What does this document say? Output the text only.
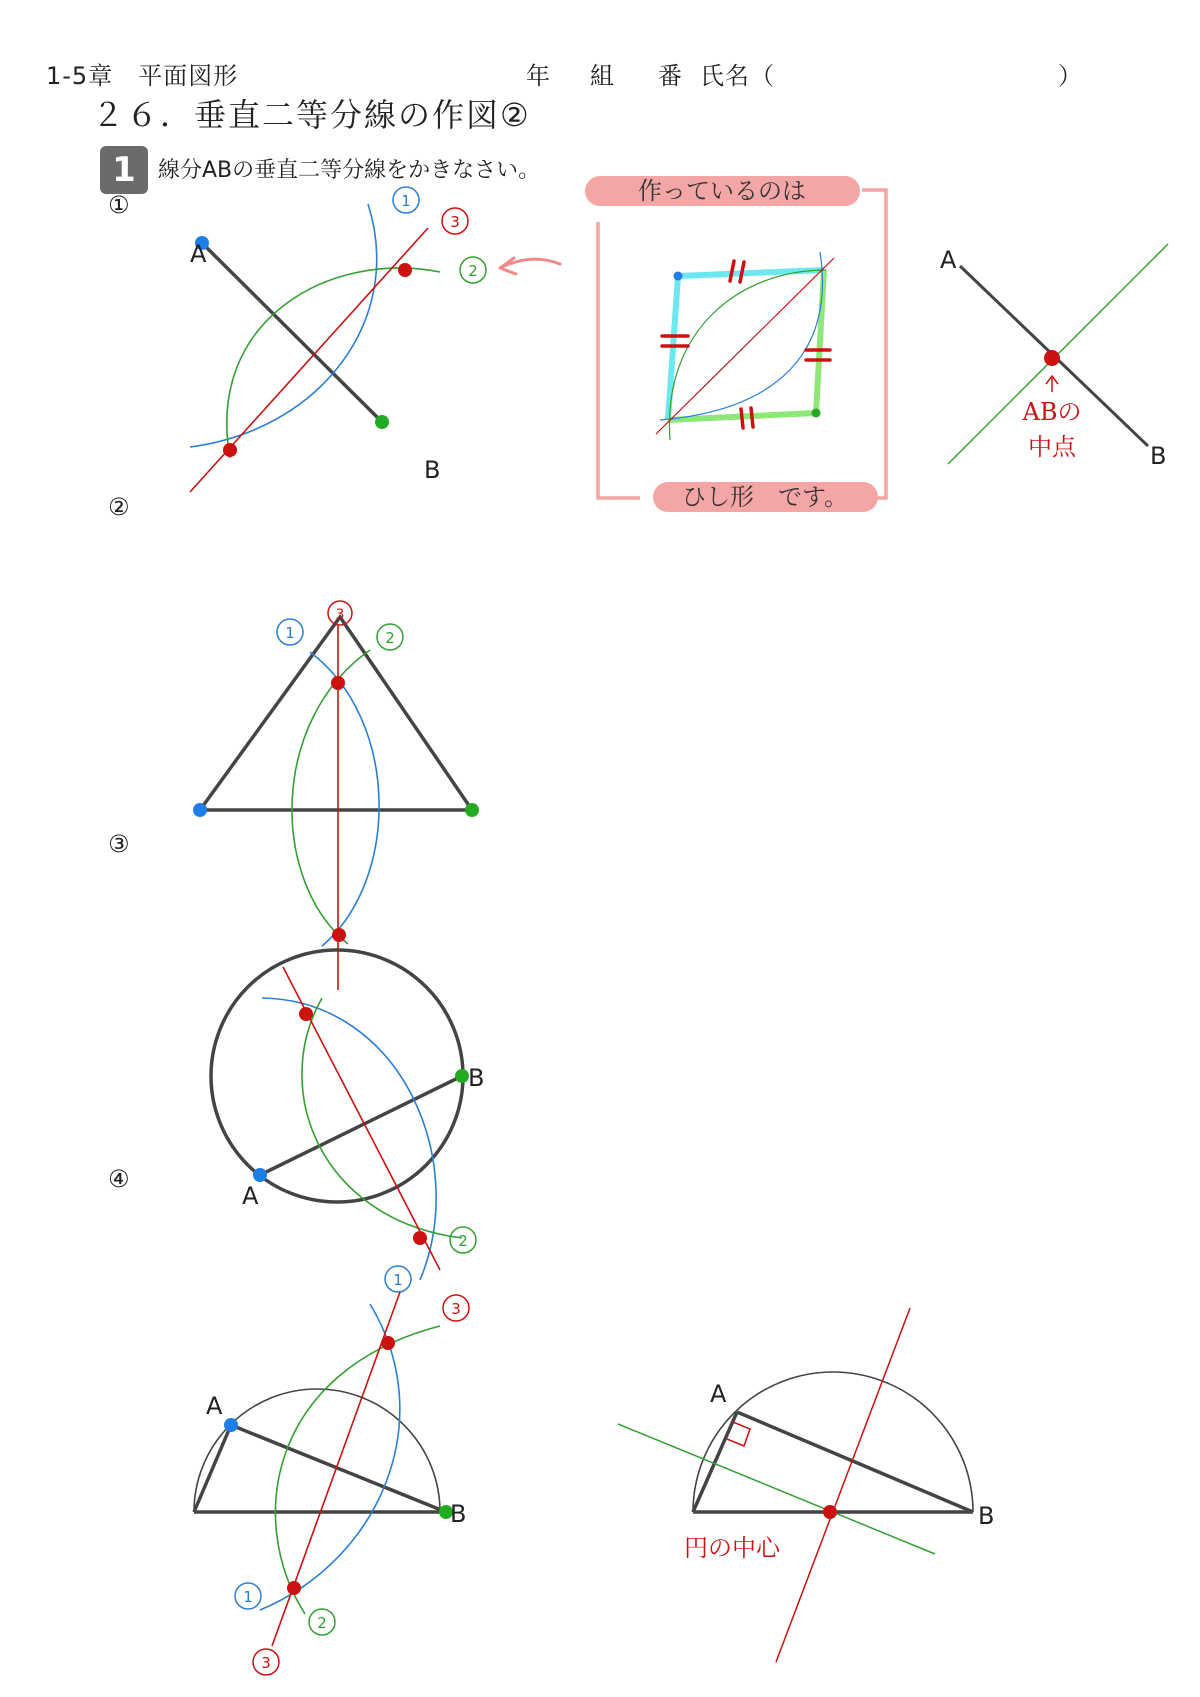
1-5章　平面図形	年 組 番 氏名（	）
２６．垂直二等分線の作図②
1	線分ABの垂直二等分線をかきなさい。
①
②
③
④
A
B
1
3
2
作っているのは
ひし形　です。
A
B
ABの
中点
3
1	2
A
B
2
1
3
A
B
1
2
3
A
B
円の中心
